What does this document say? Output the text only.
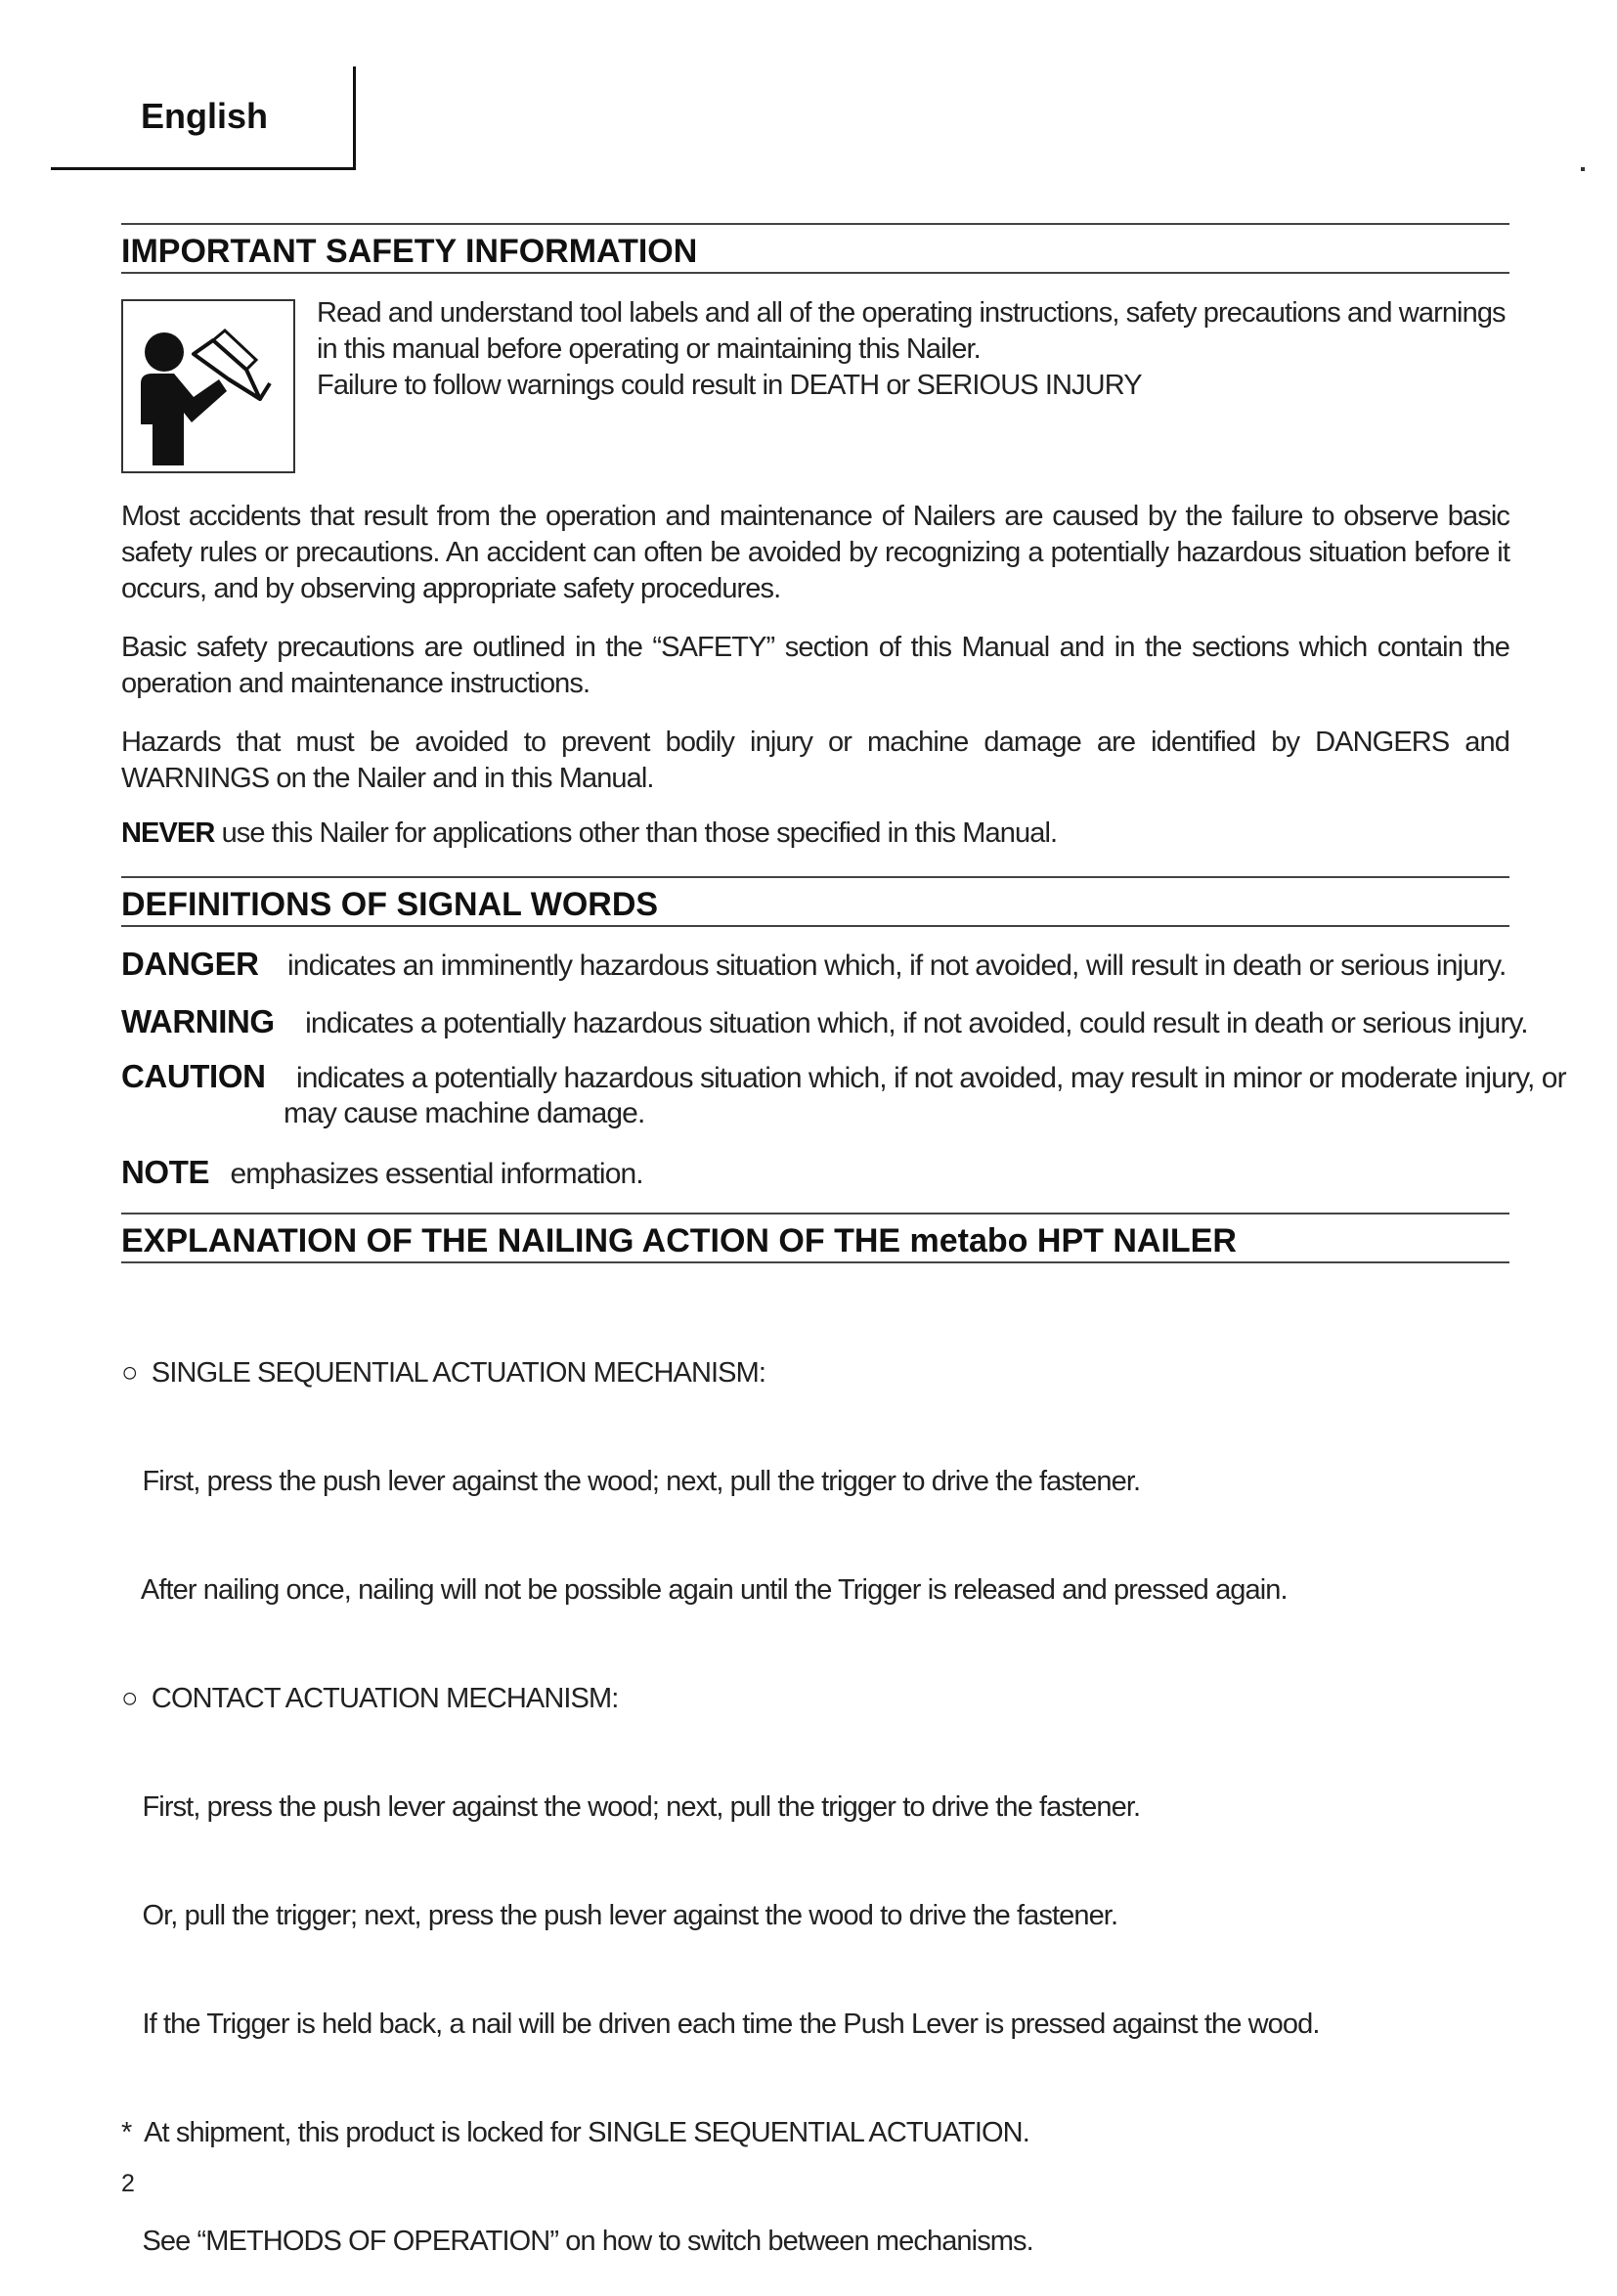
English
IMPORTANT SAFETY INFORMATION

Read and understand tool labels and all of the operating instructions, safety precautions and warnings

in this manual before operating or maintaining this Nailer.

Failure to follow warnings could result in DEATH or SERIOUS INJURY

Most accidents that result from the operation and maintenance of Nailers are caused by the failure to observe basic safety rules or precautions. An accident can often be avoided by recognizing a potentially hazardous situation before it occurs, and by observing appropriate safety procedures.

Basic safety precautions are outlined in the “SAFETY” section of this Manual and in the sections which contain the operation and maintenance instructions.

Hazards that must be avoided to prevent bodily injury or machine damage are identified by DANGERS and WARNINGS on the Nailer and in this Manual.

NEVER use this Nailer for applications other than those specified in this Manual.

DEFINITIONS OF SIGNAL WORDS
DANGER indicates an imminently hazardous situation which, if not avoided, will result in death or serious injury.
WARNING indicates a potentially hazardous situation which, if not avoided, could result in death or serious injury.
CAUTION indicates a potentially hazardous situation which, if not avoided, may result in minor or moderate injury, or
may cause machine damage.
NOTE emphasizes essential information.
EXPLANATION OF THE NAILING ACTION OF THE metabo HPT NAILER

○  SINGLE SEQUENTIAL ACTUATION MECHANISM:

First, press the push lever against the wood; next, pull the trigger to drive the fastener.

After nailing once, nailing will not be possible again until the Trigger is released and pressed again.

○  CONTACT ACTUATION MECHANISM:

First, press the push lever against the wood; next, pull the trigger to drive the fastener.

Or, pull the trigger; next, press the push lever against the wood to drive the fastener.

If the Trigger is held back, a nail will be driven each time the Push Lever is pressed against the wood.

*  At shipment, this product is locked for SINGLE SEQUENTIAL ACTUATION.

See “METHODS OF OPERATION” on how to switch between mechanisms.

2
